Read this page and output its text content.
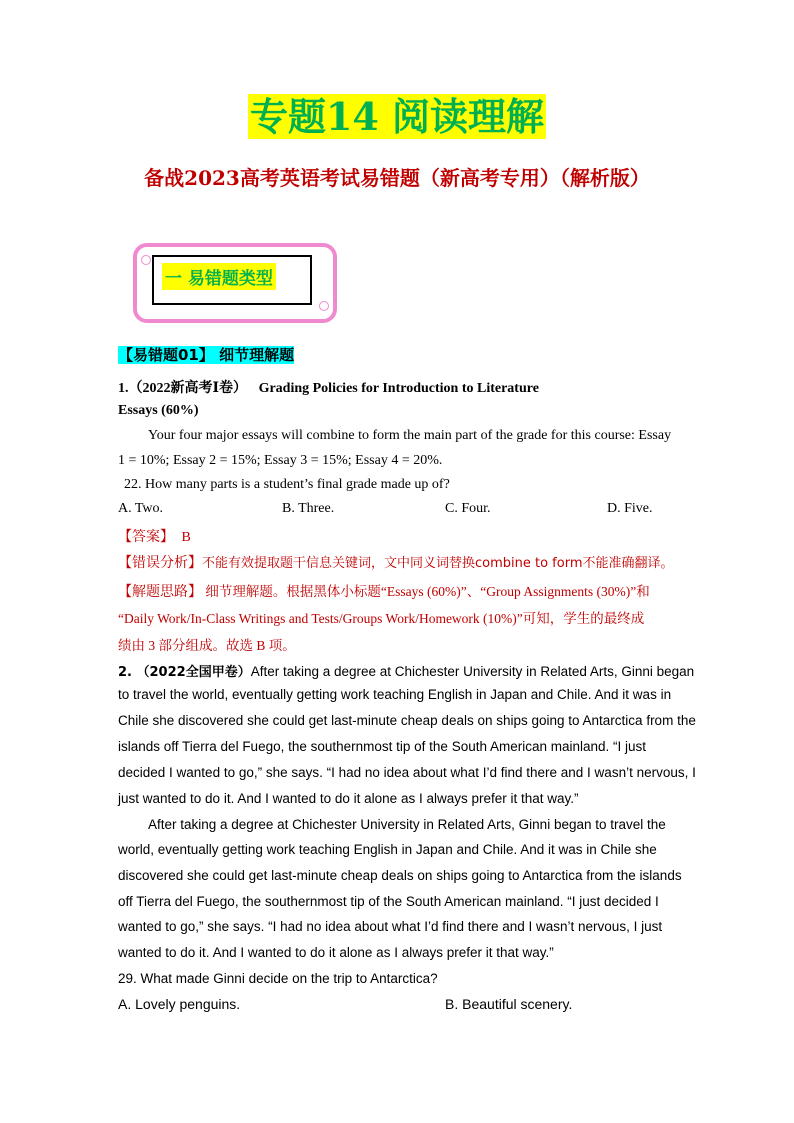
专题14 阅读理解
备战2023高考英语考试易错题（新高考专用）（解析版）
一 易错题类型
【易错题01】 细节理解题
1.（2022新高考Ⅰ卷） Grading Policies for Introduction to Literature
Essays (60%)
Your four major essays will combine to form the main part of the grade for this course: Essay
1 = 10%; Essay 2 = 15%; Essay 3 = 15%; Essay 4 = 20%.
22. How many parts is a student’s final grade made up of?
A. Two.	B. Three.	C. Four.	D. Five.
【答案】 B
【错误分析】不能有效提取题干信息关键词，文中同义词替换combine to form不能准确翻译。
【解题思路】 细节理解题。根据黑体小标题“Essays (60%)”、“Group Assignments (30%)”和
“Daily Work/In-Class Writings and Tests/Groups Work/Homework (10%)”可知，学生的最终成
绩由 3 部分组成。故选 B 项。
2. （2022全国甲卷）After taking a degree at Chichester University in Related Arts, Ginni began
to travel the world, eventually getting work teaching English in Japan and Chile. And it was in
Chile she discovered she could get last-minute cheap deals on ships going to Antarctica from the
islands off Tierra del Fuego, the southernmost tip of the South American mainland. “I just
decided I wanted to go,” she says. “I had no idea about what I’d find there and I wasn’t nervous, I
just wanted to do it. And I wanted to do it alone as I always prefer it that way.”
After taking a degree at Chichester University in Related Arts, Ginni began to travel the
world, eventually getting work teaching English in Japan and Chile. And it was in Chile she
discovered she could get last-minute cheap deals on ships going to Antarctica from the islands
off Tierra del Fuego, the southernmost tip of the South American mainland. “I just decided I
wanted to go,” she says. “I had no idea about what I’d find there and I wasn’t nervous, I just
wanted to do it. And I wanted to do it alone as I always prefer it that way.”
29. What made Ginni decide on the trip to Antarctica?
A. Lovely penguins.	B. Beautiful scenery.
